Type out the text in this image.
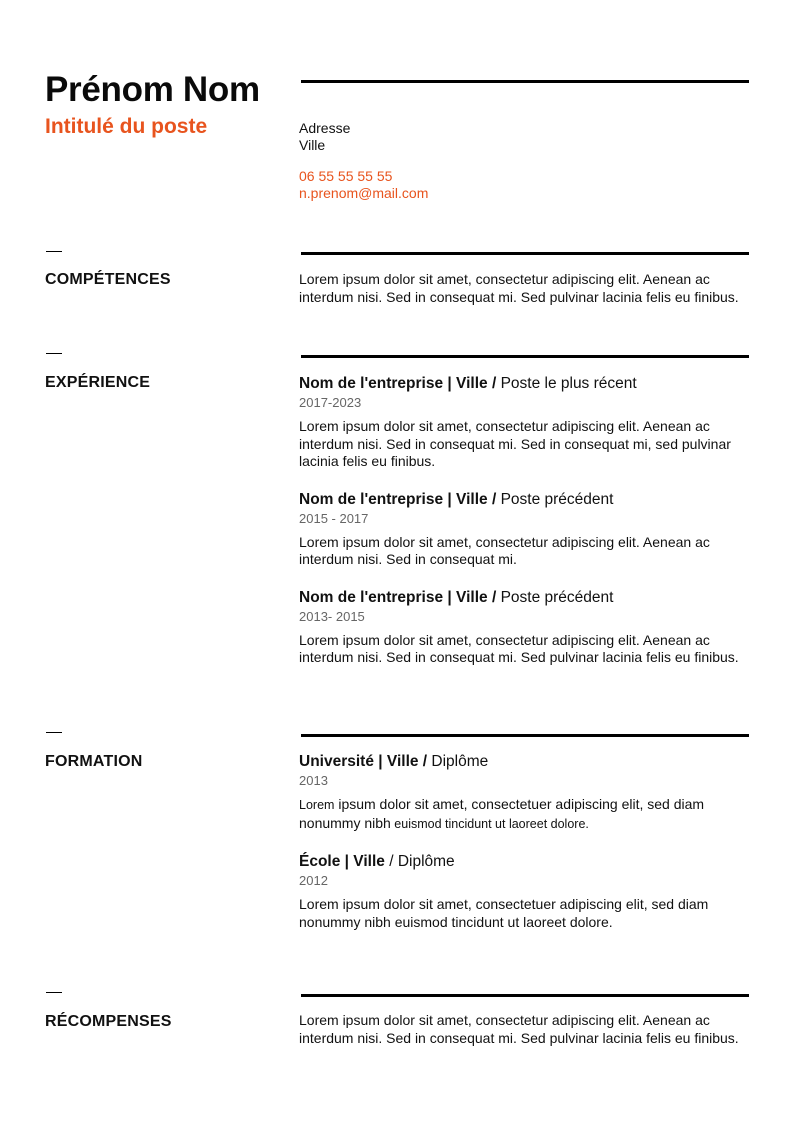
Prénom Nom
Intitulé du poste	Adresse
Ville
06 55 55 55 55
n.prenom@mail.com
COMPÉTENCES	Lorem ipsum dolor sit amet, consectetur adipiscing elit. Aenean ac interdum nisi. Sed in consequat mi. Sed pulvinar lacinia felis eu finibus.
EXPÉRIENCE	Nom de l'entreprise | Ville / Poste le plus récent
2017-2023
Lorem ipsum dolor sit amet, consectetur adipiscing elit. Aenean ac interdum nisi. Sed in consequat mi. Sed in consequat mi, sed pulvinar lacinia felis eu finibus.
Nom de l'entreprise | Ville / Poste précédent
2015 - 2017
Lorem ipsum dolor sit amet, consectetur adipiscing elit. Aenean ac interdum nisi. Sed in consequat mi.
Nom de l'entreprise | Ville / Poste précédent
2013- 2015
Lorem ipsum dolor sit amet, consectetur adipiscing elit. Aenean ac interdum nisi. Sed in consequat mi. Sed pulvinar lacinia felis eu finibus.
FORMATION	Université | Ville / Diplôme
2013
Lorem ipsum dolor sit amet, consectetuer adipiscing elit, sed diam nonummy nibh euismod tincidunt ut laoreet dolore.
École | Ville / Diplôme
2012
Lorem ipsum dolor sit amet, consectetuer adipiscing elit, sed diam nonummy nibh euismod tincidunt ut laoreet dolore.
RÉCOMPENSES	Lorem ipsum dolor sit amet, consectetur adipiscing elit. Aenean ac interdum nisi. Sed in consequat mi. Sed pulvinar lacinia felis eu finibus.
